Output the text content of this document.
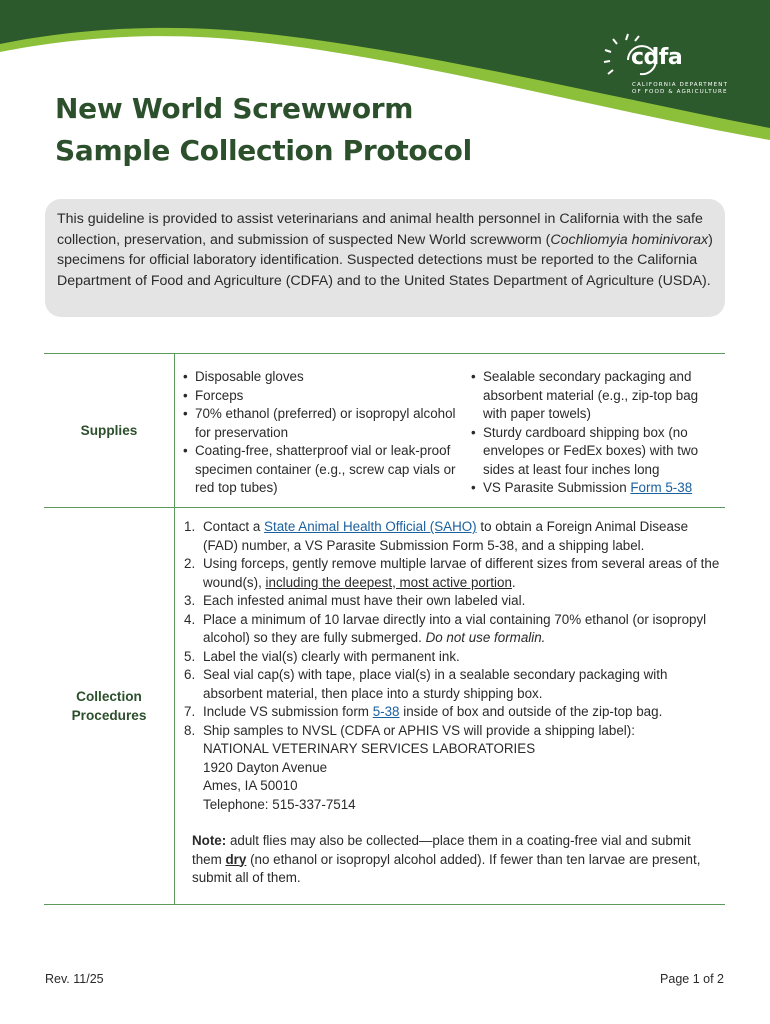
cdfa
CALIFORNIA DEPARTMENT OF FOOD & AGRICULTURE
New World Screwworm
Sample Collection Protocol
This guideline is provided to assist veterinarians and animal health personnel in California with the safe collection, preservation, and submission of suspected New World screwworm (Cochliomyia hominivorax) specimens for official laboratory identification. Suspected detections must be reported to the California Department of Food and Agriculture (CDFA) and to the United States Department of Agriculture (USDA).
Supplies
• Disposable gloves
• Forceps
• 70% ethanol (preferred) or isopropyl alcohol for preservation
• Coating-free, shatterproof vial or leak-proof specimen container (e.g., screw cap vials or red top tubes)
• Sealable secondary packaging and absorbent material (e.g., zip-top bag with paper towels)
• Sturdy cardboard shipping box (no envelopes or FedEx boxes) with two sides at least four inches long
• VS Parasite Submission Form 5-38
Collection
Procedures
1. Contact a State Animal Health Official (SAHO) to obtain a Foreign Animal Disease (FAD) number, a VS Parasite Submission Form 5-38, and a shipping label.
2. Using forceps, gently remove multiple larvae of different sizes from several areas of the wound(s), including the deepest, most active portion.
3. Each infested animal must have their own labeled vial.
4. Place a minimum of 10 larvae directly into a vial containing 70% ethanol (or isopropyl alcohol) so they are fully submerged. Do not use formalin.
5. Label the vial(s) clearly with permanent ink.
6. Seal vial cap(s) with tape, place vial(s) in a sealable secondary packaging with absorbent material, then place into a sturdy shipping box.
7. Include VS submission form 5-38 inside of box and outside of the zip-top bag.
8. Ship samples to NVSL (CDFA or APHIS VS will provide a shipping label):
NATIONAL VETERINARY SERVICES LABORATORIES
1920 Dayton Avenue
Ames, IA 50010
Telephone: 515-337-7514
Note: adult flies may also be collected—place them in a coating-free vial and submit them dry (no ethanol or isopropyl alcohol added). If fewer than ten larvae are present, submit all of them.
Rev. 11/25	Page 1 of 2
